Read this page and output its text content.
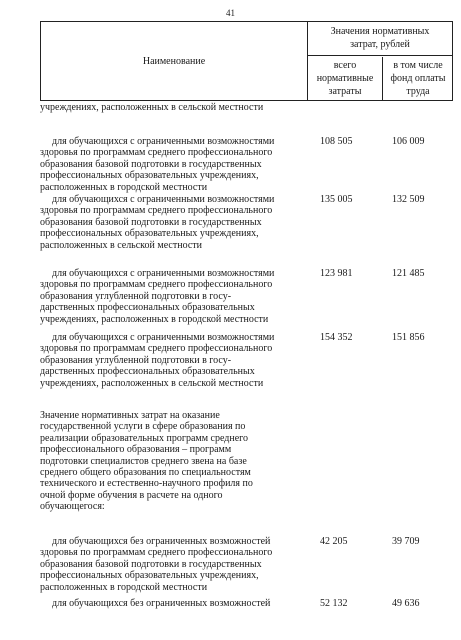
41
Наименование
Значения нормативных
затрат, рублей
всего
нормативные
затраты
в том числе
фонд оплаты
труда
учреждениях, расположенных в сельской местности
для обучающихся с ограниченными возможностями
здоровья по программам среднего профессионального
образования базовой подготовки в государственных
профессиональных образовательных учреждениях,
расположенных в городской местности
108 505	106 009
для обучающихся с ограниченными возможностями
здоровья по программам среднего профессионального
образования базовой подготовки в государственных
профессиональных образовательных учреждениях,
расположенных в сельской местности
135 005	132 509
для обучающихся с ограниченными возможностями
здоровья по программам среднего профессионального
образования углубленной подготовки в госу-
дарственных профессиональных образовательных
учреждениях, расположенных в городской местности
123 981	121 485
для обучающихся с ограниченными возможностями
здоровья по программам среднего профессионального
образования углубленной подготовки в госу-
дарственных профессиональных образовательных
учреждениях, расположенных в сельской местности
154 352	151 856
Значение нормативных затрат на оказание
государственной услуги в сфере образования по
реализации образовательных программ среднего
профессионального образования – программ
подготовки специалистов среднего звена на базе
среднего общего образования по специальностям
технического и естественно-научного профиля по
очной форме обучения в расчете на одного
обучающегося:
для обучающихся без ограниченных возможностей
здоровья по программам среднего профессионального
образования базовой подготовки в государственных
профессиональных образовательных учреждениях,
расположенных в городской местности
42 205	39 709
для обучающихся без ограниченных возможностей	52 132	49 636
